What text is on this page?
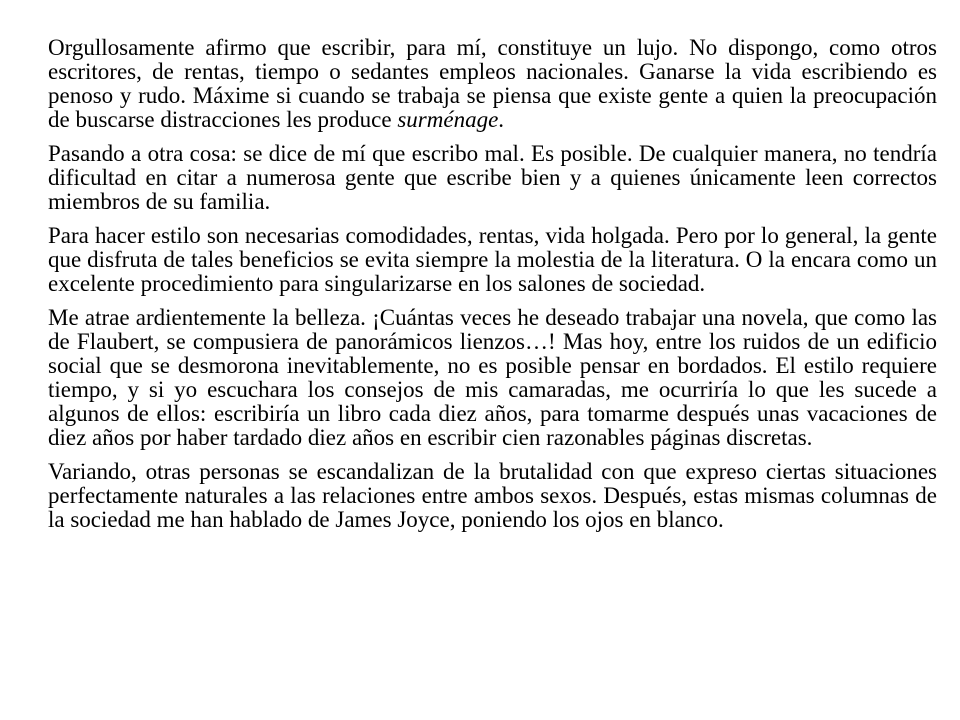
Orgullosamente afirmo que escribir, para mí, constituye un lujo. No dispongo, como otros escritores, de rentas, tiempo o sedantes empleos nacionales. Ganarse la vida escribiendo es penoso y rudo. Máxime si cuando se trabaja se piensa que existe gente a quien la preocupación de buscarse distracciones les produce surménage.

Pasando a otra cosa: se dice de mí que escribo mal. Es posible. De cualquier manera, no tendría dificultad en citar a numerosa gente que escribe bien y a quienes únicamente leen correctos miembros de su familia.

Para hacer estilo son necesarias comodidades, rentas, vida holgada. Pero por lo general, la gente que disfruta de tales beneficios se evita siempre la molestia de la literatura. O la encara como un excelente procedimiento para singularizarse en los salones de sociedad.

Me atrae ardientemente la belleza. ¡Cuántas veces he deseado trabajar una novela, que como las de Flaubert, se compusiera de panorámicos lienzos…! Mas hoy, entre los ruidos de un edificio social que se desmorona inevitablemente, no es posible pensar en bordados. El estilo requiere tiempo, y si yo escuchara los consejos de mis camaradas, me ocurriría lo que les sucede a algunos de ellos: escribiría un libro cada diez años, para tomarme después unas vacaciones de diez años por haber tardado diez años en escribir cien razonables páginas discretas.

Variando, otras personas se escandalizan de la brutalidad con que expreso ciertas situaciones perfectamente naturales a las relaciones entre ambos sexos. Después, estas mismas columnas de la sociedad me han hablado de James Joyce, poniendo los ojos en blanco.
